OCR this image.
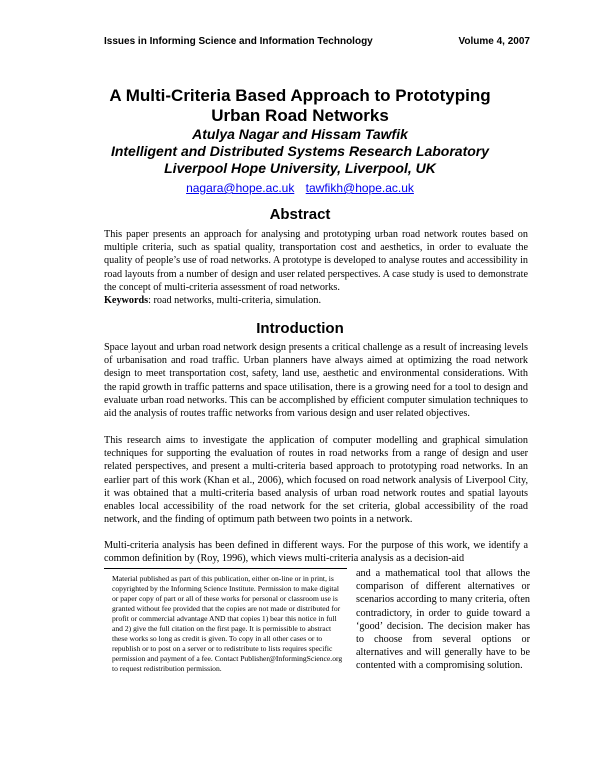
Issues in Informing Science and Information Technology	Volume 4, 2007
A Multi-Criteria Based Approach to Prototyping
Urban Road Networks
Atulya Nagar and Hissam Tawfik
Intelligent and Distributed Systems Research Laboratory
Liverpool Hope University, Liverpool, UK
nagara@hope.ac.uk tawfikh@hope.ac.uk
Abstract
This paper presents an approach for analysing and prototyping urban road network routes based on multiple criteria, such as spatial quality, transportation cost and aesthetics, in order to evaluate the quality of people’s use of road networks. A prototype is developed to analyse routes and accessibility in road layouts from a number of design and user related perspectives. A case study is used to demonstrate the concept of multi-criteria assessment of road networks.
Keywords: road networks, multi-criteria, simulation.
Introduction
Space layout and urban road network design presents a critical challenge as a result of increasing levels of urbanisation and road traffic. Urban planners have always aimed at optimizing the road network design to meet transportation cost, safety, land use, aesthetic and environmental considerations. With the rapid growth in traffic patterns and space utilisation, there is a growing need for a tool to design and evaluate urban road networks. This can be accomplished by efficient computer simulation techniques to aid the analysis of routes traffic networks from various design and user related objectives.
This research aims to investigate the application of computer modelling and graphical simulation techniques for supporting the evaluation of routes in road networks from a range of design and user related perspectives, and present a multi-criteria based approach to prototyping road networks. In an earlier part of this work (Khan et al., 2006), which focused on road network analysis of Liverpool City, it was obtained that a multi-criteria based analysis of urban road network routes and spatial layouts enables local accessibility of the road network for the set criteria, global accessibility of the road network, and the finding of optimum path between two points in a network.
Multi-criteria analysis has been defined in different ways. For the purpose of this work, we identify a common definition by (Roy, 1996), which views multi-criteria analysis as a decision-aid

Material published as part of this publication, either on-line or in print, is copyrighted by the Informing Science Institute. Permission to make digital or paper copy of part or all of these works for personal or classroom use is granted without fee provided that the copies are not made or distributed for profit or commercial advantage AND that copies 1) bear this notice in full and 2) give the full citation on the first page. It is permissible to abstract these works so long as credit is given. To copy in all other cases or to republish or to post on a server or to redistribute to lists requires specific permission and payment of a fee. Contact Publisher@InformingScience.org to request redistribution permission.

and a mathematical tool that allows the comparison of different alternatives or scenarios according to many criteria, often contradictory, in order to guide toward a ‘good’ decision. The decision maker has to choose from several options or alternatives and will generally have to be contented with a compromising solution.
